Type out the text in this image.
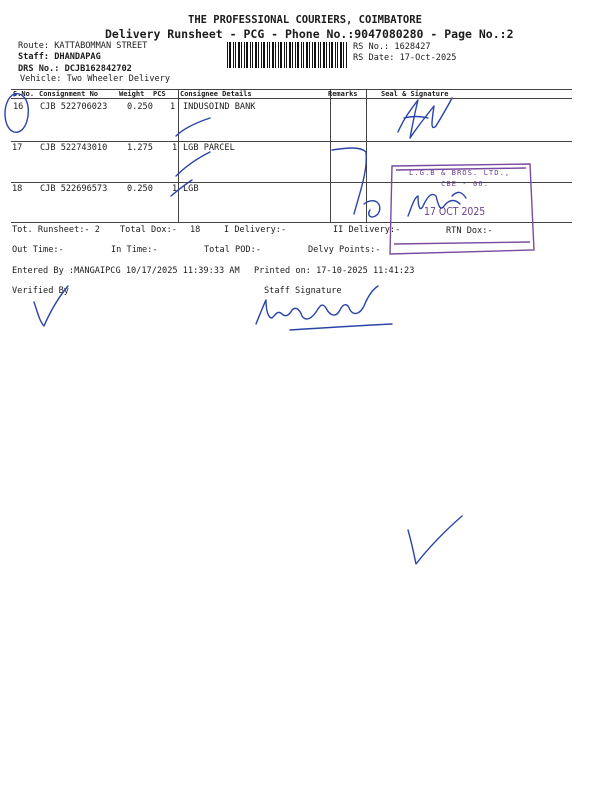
THE PROFESSIONAL COURIERS, COIMBATORE
Delivery Runsheet - PCG - Phone No.:9047080280 - Page No.:2
Route: KATTABOMMAN STREET
Staff: DHANDAPAG
DRS No.: DCJB162842702
Vehicle: Two Wheeler Delivery
RS No.: 1628427
RS Date: 17-Oct-2025
S.No. Consignment No	Weight PCS Consignee Details	Remarks	Seal & Signature
16 CJB 522706023 0.250 1 INDUSOIND BANK
17 CJB 522743010 1.275 1 LGB PARCEL
18 CJB 522696573 0.250 1 LGB
Tot. Runsheet:- 2 Total Dox:- 18	I Delivery:-	II Delivery:-	RTN Dox:-
Out Time:-	In Time:-	Total POD:-	Delvy Points:-
Entered By :MANGAIPCG 10/17/2025 11:39:33 AM Printed on: 17-10-2025 11:41:23
Verified By	Staff Signature
L.G.B & BROS. LTD.,
CBE - 06.
17 OCT 2025
